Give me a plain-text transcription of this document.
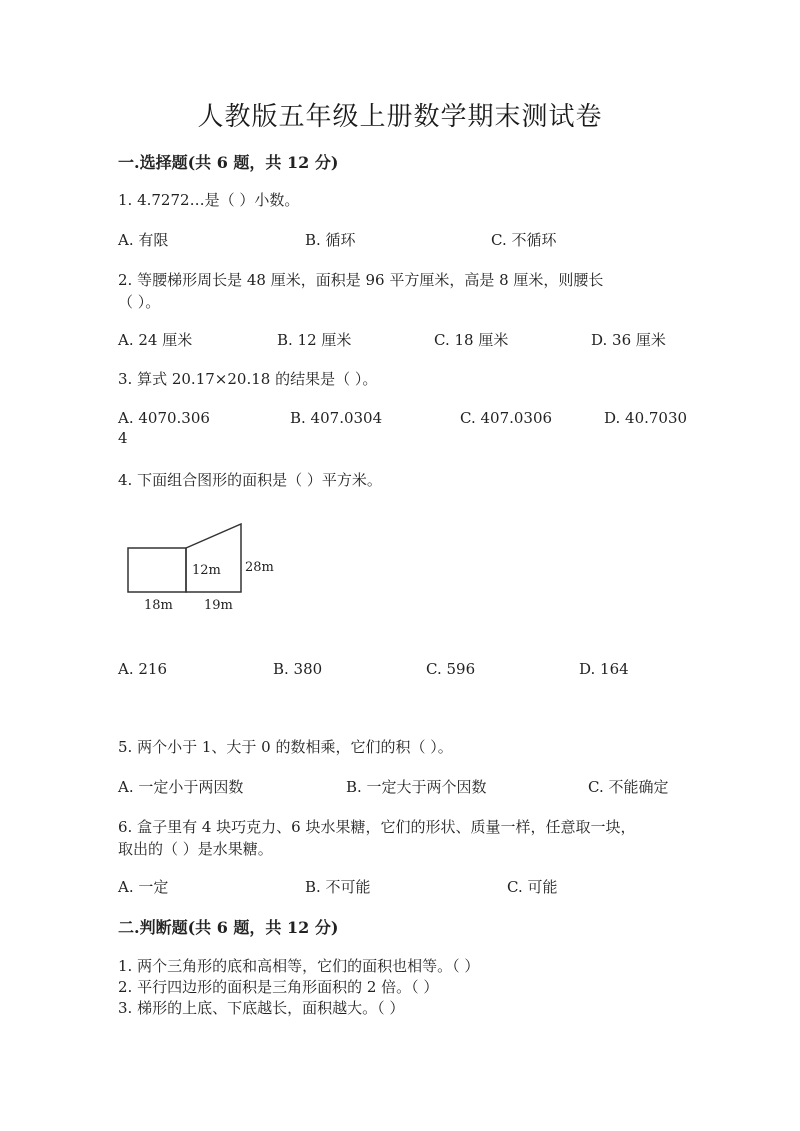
人教版五年级上册数学期末测试卷
一.选择题(共 6 题，共 12 分)
1. 4.7272…是（ ）小数。
A. 有限	B. 循环	C. 不循环
2. 等腰梯形周长是 48 厘米，面积是 96 平方厘米，高是 8 厘米，则腰长
（ ）。
A. 24 厘米	B. 12 厘米	C. 18 厘米	D. 36 厘米
3. 算式 20.17×20.18 的结果是（ ）。
A. 4070.306	B. 407.0304	C. 407.0306	D. 40.7030
4
4. 下面组合图形的面积是（ ）平方米。
12m 28m
18m 19m
A. 216	B. 380	C. 596	D. 164
5. 两个小于 1、大于 0 的数相乘，它们的积（ ）。
A. 一定小于两因数	B. 一定大于两个因数	C. 不能确定
6. 盒子里有 4 块巧克力、6 块水果糖，它们的形状、质量一样，任意取一块，
取出的（ ）是水果糖。
A. 一定	B. 不可能	C. 可能
二.判断题(共 6 题，共 12 分)
1. 两个三角形的底和高相等，它们的面积也相等。（ ）
2. 平行四边形的面积是三角形面积的 2 倍。（ ）
3. 梯形的上底、下底越长，面积越大。（ ）
